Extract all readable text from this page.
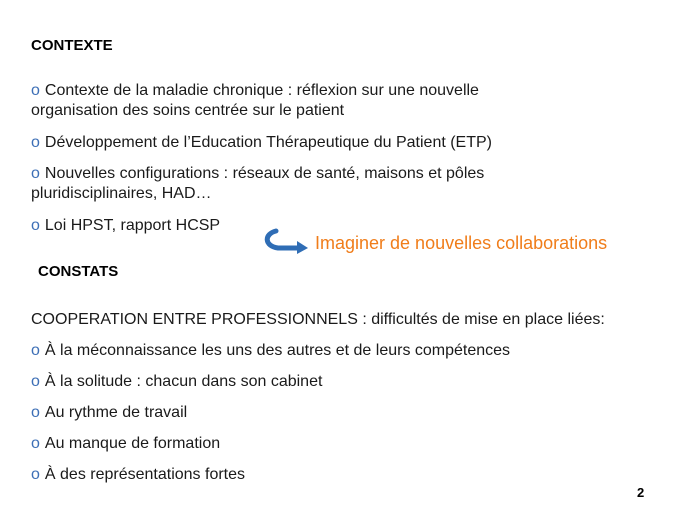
CONTEXTE
o Contexte de la maladie chronique : réflexion sur une nouvelle
organisation des soins centrée sur le patient
o Développement de l’Education Thérapeutique du Patient (ETP)
o Nouvelles configurations : réseaux de santé, maisons et pôles
pluridisciplinaires, HAD…
o Loi HPST, rapport HCSP
Imaginer de nouvelles collaborations
CONSTATS
COOPERATION ENTRE PROFESSIONNELS : difficultés de mise en place liées:
o À la méconnaissance les uns des autres et de leurs compétences
o À la solitude : chacun dans son cabinet
o Au rythme de travail
o Au manque de formation
o À des représentations fortes
2
